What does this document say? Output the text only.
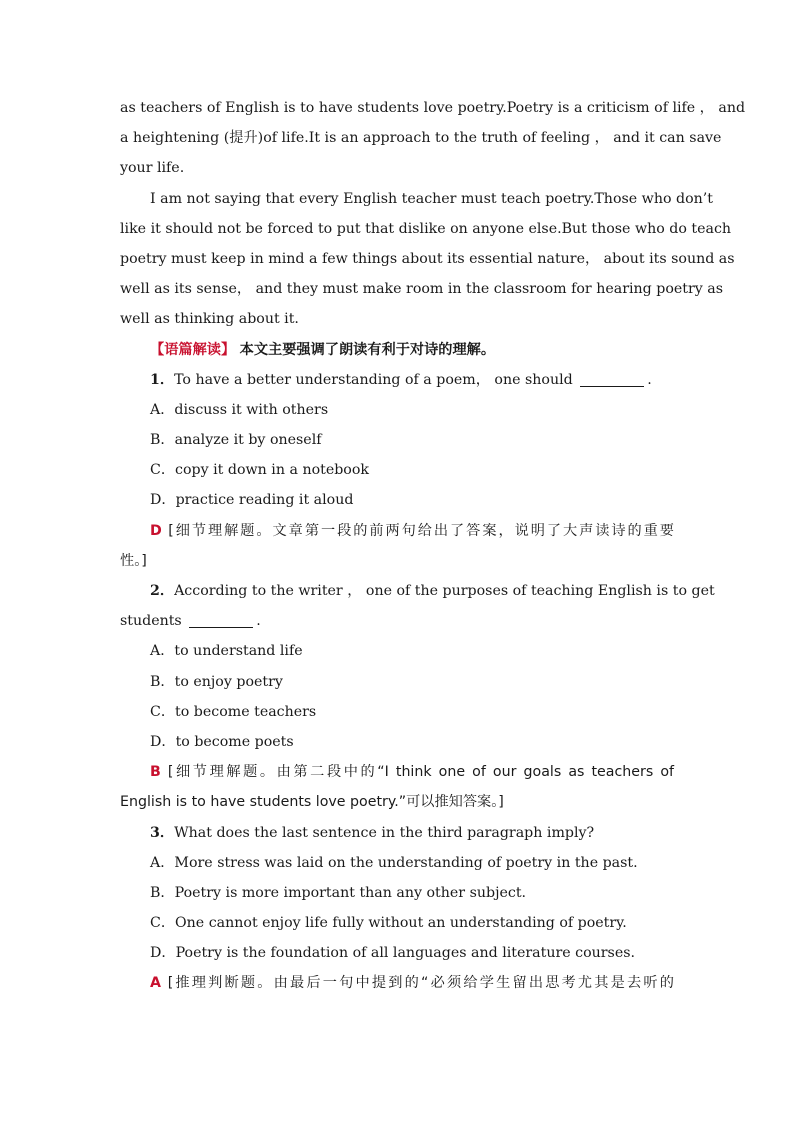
as teachers of English is to have students love poetry.Poetry is a criticism of life ， and
a heightening (提升)of life.It is an approach to the truth of feeling ， and it can save
your life.
I am not saying that every English teacher must teach poetry.Those who don’t
like it should not be forced to put that dislike on anyone else.But those who do teach
poetry must keep in mind a few things about its essential nature， about its sound as
well as its sense， and they must make room in the classroom for hearing poetry as
well as thinking about it.
【语篇解读】 本文主要强调了朗读有利于对诗的理解。
1．To have a better understanding of a poem， one should	.
A．discuss it with others
B．analyze it by oneself
C．copy it down in a notebook
D．practice reading it aloud
D [细节理解题。文章第一段的前两句给出了答案，说明了大声读诗的重要
性。]
2．According to the writer ， one of the purposes of teaching English is to get
students	.
A．to understand life
B．to enjoy poetry
C．to become teachers
D．to become poets
B [细节理解题。由第二段中的“I think one of our goals as teachers of
English is to have students love poetry.”可以推知答案。]
3．What does the last sentence in the third paragraph imply?
A．More stress was laid on the understanding of poetry in the past.
B．Poetry is more important than any other subject.
C．One cannot enjoy life fully without an understanding of poetry.
D．Poetry is the foundation of all languages and literature courses.
A [推理判断题。由最后一句中提到的“必须给学生留出思考尤其是去听的
